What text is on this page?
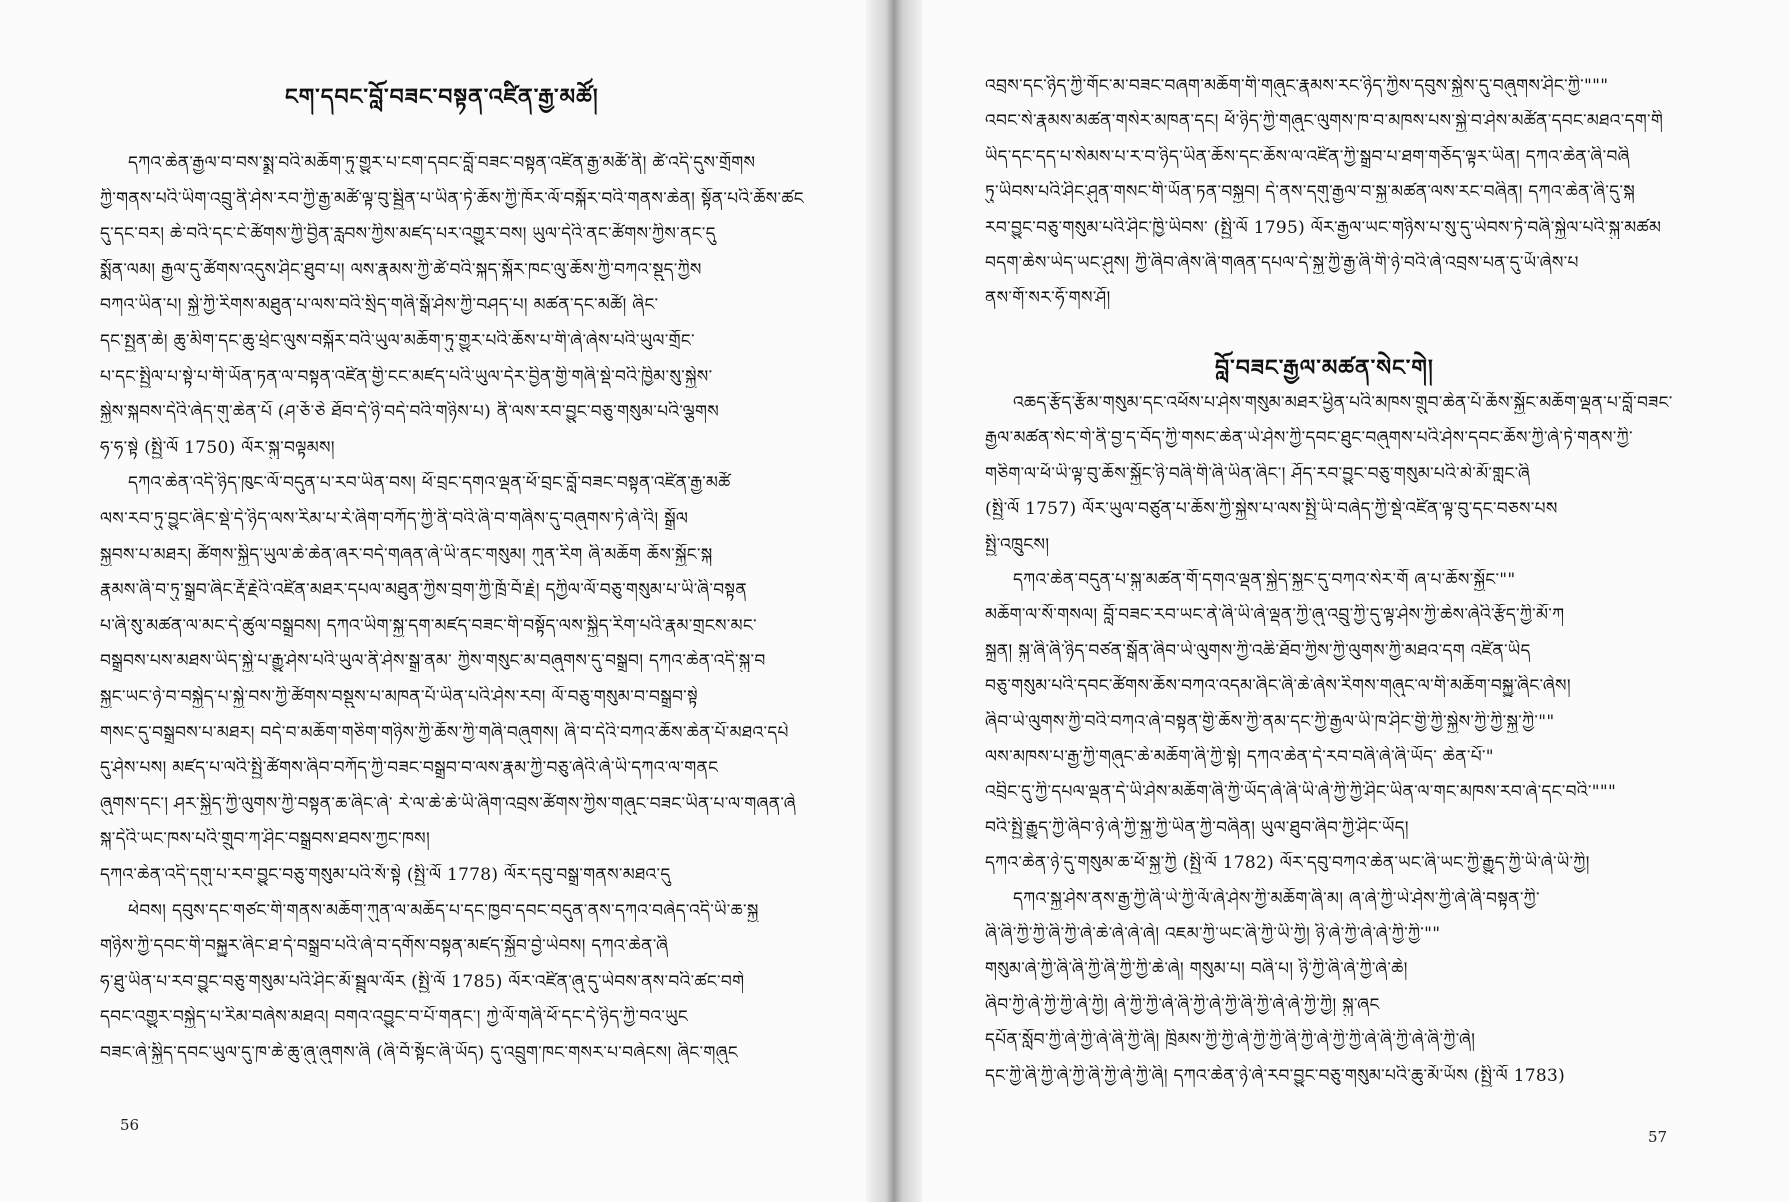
ངག་དབང་བློ་བཟང་བསྟན་འཛིན་རྒྱ་མཚོ།
དཀའ་ཆེན་རྒྱལ་བ་བས་སྨྲ་བའི་མཆོག་ཏུ་གྱུར་པ་ངག་དབང་བློ་བཟང་བསྟན་འཛིན་རྒྱ་མཚོ་ནི། ཚེ་འདི་དུས་གྲོགས
ཀྱི་གནས་པའི་ཡིག་འབྲུ་ནི་ཤེས་རབ་ཀྱི་རྒྱ་མཚོ་ལྟ་བུ་སྦྱིན་པ་ཡིན་ཏེ་ཆོས་ཀྱི་ཁོར་ལོ་བསྐོར་བའི་གནས་ཆེན། སྟོན་པའི་ཆོས་ཚང
དུ་དང་བར། ཆེ་བའི་དང་ངེ་ཚོགས་ཀྱི་བྱིན་རླབས་ཀྱིས་མཛད་པར་འགྱུར་བས། ཡུལ་དེའི་ནང་ཚོགས་ཀྱིས་ནང་དུ
སྨོན་ལམ། རྒྱལ་དུ་ཚོགས་འདུས་ཤིང་ཐུབ་པ། ལས་རྣམས་ཀྱི་ཚེ་བའི་སྐད་སྐོར་ཁང་ལུ་ཆོས་ཀྱི་བཀའ་སྡུད་ཀྱིས
བཀའ་ཡིན་པ། སྐྱེ་ཀྱི་རིགས་མཐུན་པ་ལས་བའི་སྲིད་གཞི་སྒོ་ཤེས་ཀྱི་བཤད་པ། མཚན་དང་མཚོ། ཞིང་
དང་སྤྱན་ཆེ། ཆུ་མིག་དང་ཆུ་ཕྲེང་ལུས་བསྐོར་བའི་ཡུལ་མཆོག་ཏུ་གྱུར་པའི་ཆོས་པ་གི་ཞེ་ཞེས་པའི་ཡུལ་གྲོང་
པ་དང་སྤྱིལ་པ་སྟེ་པ་གི་ཡོན་ཏན་ལ་བསྟན་འཛིན་གྱི་ངང་མཛད་པའི་ཡུལ་དེར་བྱིན་གྱི་གཞི་སྡེ་བའི་ཁྱིམ་སུ་སྐྱེས་
སྐྱེས་སྐབས་དེའི་ཞེད་གུ་ཆེན་པོ (ཤ་ཅོ་ཅེ ཐོབ་དེ་ཉི་བདེ་བའི་གཉིས་པ) ནི་ལས་རབ་བྱུང་བཅུ་གསུམ་པའི་ལྕགས
ཧ་ཧ་སྟེ (སྤྱི་ལོ 1750) ལོར་སྐུ་བལྟམས།
དཀའ་ཆེན་འདི་ཉིད་ཁུང་ལོ་བདུན་པ་རབ་ཡིན་བས། ཕོ་བྲང་དགའ་ལྡན་ཕོ་བྲང་བློ་བཟང་བསྟན་འཛིན་རྒྱ་མཚོ
ལས་རབ་ཏུ་བྱུང་ཞིང་སྡེ་དེ་ཉིད་ལས་རིམ་པ་རེ་ཞིག་བཀོད་ཀྱི་ནི་བའི་ཞི་བ་གཞིས་དུ་བཞུགས་ཏེ་ཞེ་འི། སྒྲོལ
སྐྱབས་པ་མཐར། ཚོགས་སྐྱིད་ཡུལ་ཆེ་ཆེན་ཞར་བདེ་གཞན་ཞེ་ཡི་ནང་གསུམ། ཀུན་རིག ཞི་མཆོག ཆོས་སྐྱོང་སྐ
རྣམས་ཞི་བ་ཏུ་སྒྲུབ་ཞིང་རྡོ་རྗེའི་འཛིན་མཐར་དཔལ་མཐུན་ཀྱིས་བྲག་ཀྱི་ཁྲོ་བོ་རྗེ། དཀྱིལ་ལོ་བཅུ་གསུམ་པ་ཡི་ཞི་བསྟན
པ་ཞི་སུ་མཚན་ལ་མང་དེ་ཚུལ་བསྒྲུབས། དཀའ་ཡིག་སྐྱ་དག་མཛད་བཟང་གི་བསྟོད་ལས་སྐྱིད་རིག་པའི་རྣམ་གྲངས་མང་
བསྒྲུབས་པས་མཐས་ཡིད་སྐྱེ་པ་རྒྱུ་ཤེས་པའི་ཡུལ་ནི་ཤེས་སྒྲ་ནམ་ ཀྱིས་གསུང་མ་བཞུགས་དུ་བསྒྲུབ། དཀའ་ཆེན་འདི་སྐུ་བ
སྐྱང་ཡང་ཉེ་བ་བསྐྱེད་པ་སྐྱེ་བས་ཀྱི་ཚོགས་བསྡུས་པ་མཁན་པོ་ཡིན་པའི་ཤེས་རབ། ལོ་བཅུ་གསུམ་བ་བསྒྲུབ་སྟེ
གསང་དུ་བསྒྲུབས་པ་མཐར། བདེ་བ་མཆོག་གཅིག་གཉིས་ཀྱི་ཆོས་ཀྱི་གཞི་བཞུགས། ཞི་བ་དེའི་བཀའ་ཆོས་ཆེན་པོ་མཐའ་དཔེ
དུ་ཤེས་པས། མཛད་པ་ལའི་སྤྱི་ཚོགས་ཞིབ་བཀོད་ཀྱི་བཟང་བསྒྲུབ་བ་ལས་རྣམ་ཀྱི་བཅུ་ཞེའི་ཞེ་ཡི་དཀའ་ལ་གནང
ཞུགས་དང་། ཤར་སྐྱིད་ཀྱི་ལུགས་ཀྱི་བསྟན་ཆ་ཞིང་ཞེ་ རེ་ལ་ཆེ་ཆེ་ཡི་ཞིག་འབྲས་ཚོགས་ཀྱིས་གཞུང་བཟང་ཡིན་པ་ལ་གཞན་ཞེ
སྐ་དེའི་ཡང་ཁས་པའི་གྲུབ་ཀ་ཤིང་བསྒྲུབས་ཐབས་ཀྱང་ཁས།
དཀའ་ཆེན་འདི་དགུ་པ་རབ་བྱུང་བཅུ་གསུམ་པའི་སོ་སྟེ (སྤྱི་ལོ 1778) ལོར་དབུ་བསྒྲུ་གནས་མཐའ་དུ
ཕེབས། དབུས་དང་གཙང་གི་གནས་མཆོག་ཀུན་ལ་མཆོད་པ་དང་ཁྱབ་དབང་བདུན་ནས་དཀའ་བཞེད་འདི་ཡི་ཆ་སྐྱ
གཉིས་ཀྱི་དབང་གི་བསྐྱུར་ཞིང་ཐ་དེ་བསྒྲུབ་པའི་ཞེ་བ་དགོས་བསྟན་མཛད་སྐྱོབ་བྱེ་ཡེབས། དཀའ་ཆེན་ཞི
ཧ་ཐུ་ཡིན་པ་རབ་བྱུང་བཅུ་གསུམ་པའི་ཤིང་མོ་སྦྲུལ་ལོར (སྤྱི་ལོ 1785) ལོར་འཛིན་ཞུ་དུ་ཡེབས་ནས་བའི་ཚང་བགེ
དབང་འགྱུར་བསྐྱེད་པ་རིམ་བཞེས་མཐའ། བགའ་འབྱུང་བ་པོ་གནང་། ཀྱེ་ལོ་གཞི་ཕོ་དང་དེ་ཉིད་ཀྱི་བའ་ཡུང
བཟང་ཞེ་སྐྱིད་དབང་ཡུལ་དུ་ཁ་ཆེ་ཆུ་ཞུ་ཞུགས་ཞི (ཞི་བོ་སྟོང་ཞི་ཡོད) དུ་འབྲུག་ཁང་གསར་པ་བཞེངས། ཞིང་གཞུང
56
འབྲས་དང་ཉིད་ཀྱི་གོང་མ་བཟང་བཞག་མཆོག་གི་གཞུང་རྣམས་རང་ཉིད་ཀྱིས་དབུས་སྐྱེས་དུ་བཞུགས་ཤིང་ཀྱི་"""
འབང་སེ་རྣམས་མཚན་གསེར་མཁན་དང། ཕོ་ཉིད་ཀྱི་གཞུང་ལུགས་ཁ་བ་མཁས་པས་སྐྱེ་བ་ཤེས་མཚོན་དབང་མཐའ་དག་གི
ཡིད་དང་དད་པ་སེམས་པ་ར་བ་ཉིད་ཡིན་ཆོས་དང་ཆོས་ལ་འཛིན་ཀྱི་སྒྲུབ་པ་ཐག་གཅོད་ལྟར་ཡིན། དཀའ་ཆེན་ཞི་བཞི
ཏུ་ཡིབས་པའི་ཤིང་ཤུན་གསང་གི་ཡོན་ཏན་བསྐྱབ། དེ་ནས་དགུ་རྒྱལ་བ་སྐྱ་མཚན་ལས་རང་བཞིན། དཀའ་ཆེན་ཞི་དུ་སྐ
རབ་བྱུང་བཅུ་གསུམ་པའི་ཤིང་ཁྱི་ཡིབས་ (སྤྱི་ལོ 1795) ལོར་རྒྱལ་ཡང་གཉིས་པ་སུ་དུ་ཡེབས་ཏེ་བཞི་སྐྱེལ་པའི་སྐུ་མཚམ
བདག་ཆེས་ཡེད་ཡང་ཤུས། ཀྱི་ཞིབ་ཞེས་ཞི་གཞན་དཔལ་དེ་སྐྱ་ཀྱི་རྒྱ་ཞི་གི་ཉེ་བའི་ཞེ་འབྲས་པན་དུ་ཡོ་ཞེས་པ
ནས་གོ་སར་ཧོ་གས་ཤོ།
བློ་བཟང་རྒྱལ་མཚན་སེང་གེ།
འཆད་རྩོད་རྩོམ་གསུམ་དང་འཕོས་པ་ཤེས་གསུམ་མཐར་ཕྱིན་པའི་མཁས་གྲུབ་ཆེན་པོ་ཆོས་སྐྱོང་མཆོག་ལྡན་པ་བློ་བཟང་
རྒྱལ་མཚན་སེང་གེ་ནི་བྱ་ད་བོད་ཀྱི་གསང་ཆེན་ཡེ་ཤེས་ཀྱི་དབང་ཐུང་བཞུགས་པའི་ཤེས་དབང་ཆོས་ཀྱི་ཞེ་ཏེ་གནས་ཀྱི་
གཅིག་ལ་ཕོ་ཡི་ལྟ་བུ་ཆོས་སྐྱོང་ཉི་བཞི་གི་ཞི་ཡིན་ཞིང་། ཤོད་རབ་བྱུང་བཅུ་གསུམ་པའི་མེ་མོ་གླང་ཞི
(སྤྱི་ལོ 1757) ལོར་ཡུལ་བཙུན་པ་ཆོས་ཀྱི་སྐྱེས་པ་ལས་སྤྱི་ཡི་བཞེད་ཀྱི་སྡེ་འཛིན་ལྟ་བུ་དང་བཅས་པས
སྤྱི་འཁྲུངས།
དཀའ་ཆེན་བདུན་པ་སྐུ་མཚན་གོ་དགའ་ལྡན་སྐྱེད་སྐྱང་དུ་བཀའ་སེར་གོ ཞ་པ་ཆོས་སྐྱོང་""
མཆོག་ལ་སོ་གསལ། བློ་བཟང་རབ་ཡང་ནེ་ཞི་ཡི་ཞེ་ལྡན་ཀྱི་ཞུ་འབྲུ་ཀྱི་དུ་ལྟ་ཤེས་ཀྱི་ཆེས་ཞེའི་རྩོད་ཀྱི་མོ་ཀ
སྐྲུན། སྐུ་ཞི་ཞི་ཉིད་བཙན་སྒོན་ཞིབ་ཡེ་ལུགས་ཀྱི་འཆི་ཐོབ་ཀྱིས་ཀྱི་ལུགས་ཀྱི་མཐའ་དག འཛིན་ཡིད
བཅུ་གསུམ་པའི་དབང་ཚོགས་ཆོས་བཀའ་འདམ་ཞིང་ཞི་ཆེ་ཞེས་རིགས་གཞུང་ལ་གི་མཆོག་བསྐྱུ་ཞིང་ཞེས།
ཞིབ་ཡེ་ལུགས་ཀྱི་བའི་བཀའ་ཞེ་བསྟན་གྱི་ཆོས་ཀྱི་ནམ་དང་ཀྱི་རྒྱལ་ཡི་ཁ་ཤིང་གྱི་ཀྱི་སྐྱེས་ཀྱི་ཀྱི་སྐྱ་ཀྱི་""
ལས་མཁས་པ་རྒྱ་ཀྱི་གཞུང་ཆེ་མཆོག་ཞི་ཀྱི་སྟེ། དཀའ་ཆེན་དེ་རབ་བཞི་ཞེ་ཞི་ཡོད་ ཆེན་པོ་"
འབྲིང་དུ་ཀྱི་དཔལ་ལྡན་དེ་ཡི་ཤེས་མཆོག་ཞི་ཀྱི་ཡོད་ཞེ་ཞི་ཡི་ཞེ་ཀྱི་ཀྱི་ཤིང་ཡིན་ལ་གང་མཁས་རབ་ཞེ་དང་བའི་"""
བའི་སྤྱི་རྒྱུད་ཀྱི་ཞིབ་ཉེ་ཞེ་ཀྱི་སྐྱ་ཀྱི་ཡིན་ཀྱི་བཞིན། ཡུལ་ཐུབ་ཞིབ་ཀྱི་ཤིང་ཡོད།
དཀའ་ཆེན་ཉེ་དུ་གསུམ་ཆ་ཕོ་སྐྱ་ཀྱི (སྤྱི་ལོ 1782) ལོར་དབུ་བཀའ་ཆེན་ཡང་ཞི་ཡང་ཀྱི་རྒྱུད་ཀྱི་ཡི་ཞེ་ཡི་ཀྱི།
དཀའ་སྐྱ་ཤེས་ནས་རྒྱ་ཀྱི་ཞི་ཡེ་ཀྱི་ལོ་ཞེ་ཤེས་ཀྱི་མཆོག་ཞི་མ། ཞ་ཞེ་ཀྱི་ཡེ་ཤེས་ཀྱི་ཞེ་ཞི་བསྟན་ཀྱི་
ཞི་ཞི་ཀྱི་ཀྱི་ཞི་ཀྱི་ཞེ་ཆེ་ཞེ་ཞེ་ཞེ། འཇམ་ཀྱི་ཡང་ཞི་ཀྱི་ཡི་ཀྱི། ཉི་ཞེ་ཀྱི་ཞེ་ཞེ་ཀྱི་ཀྱི་""
གསུམ་ཞེ་ཀྱི་ཞི་ཞི་ཀྱི་ཞི་ཀྱི་ཀྱི་ཆེ་ཞེ། གསུམ་པ། བཞི་པ། ཉི་ཀྱི་ཞི་ཞེ་ཀྱི་ཞེ་ཆེ།
ཞིབ་ཀྱི་ཞེ་ཀྱི་ཀྱི་ཞེ་ཀྱི། ཞེ་ཀྱི་ཀྱི་ཞེ་ཞི་ཀྱི་ཞེ་ཀྱི་ཞི་ཀྱི་ཞེ་ཞེ་ཀྱི་ཀྱི། སྐུ་ཞང
དཔོན་སློབ་ཀྱི་ཞེ་ཀྱི་ཞེ་ཞི་ཀྱི་ཞི། ཁྲིམས་ཀྱི་ཀྱི་ཞེ་ཀྱི་ཀྱི་ཞི་ཀྱི་ཞེ་ཀྱི་ཀྱི་ཞེ་ཞི་ཀྱི་ཞེ་ཞི་ཀྱི་ཞེ།
དང་ཀྱི་ཞི་ཀྱི་ཞེ་ཀྱི་ཞི་ཀྱི་ཞེ་ཀྱི་ཞི། དཀའ་ཆེན་ཉེ་ཞེ་རབ་བྱུང་བཅུ་གསུམ་པའི་ཆུ་མོ་ཡོས (སྤྱི་ལོ 1783)
57
